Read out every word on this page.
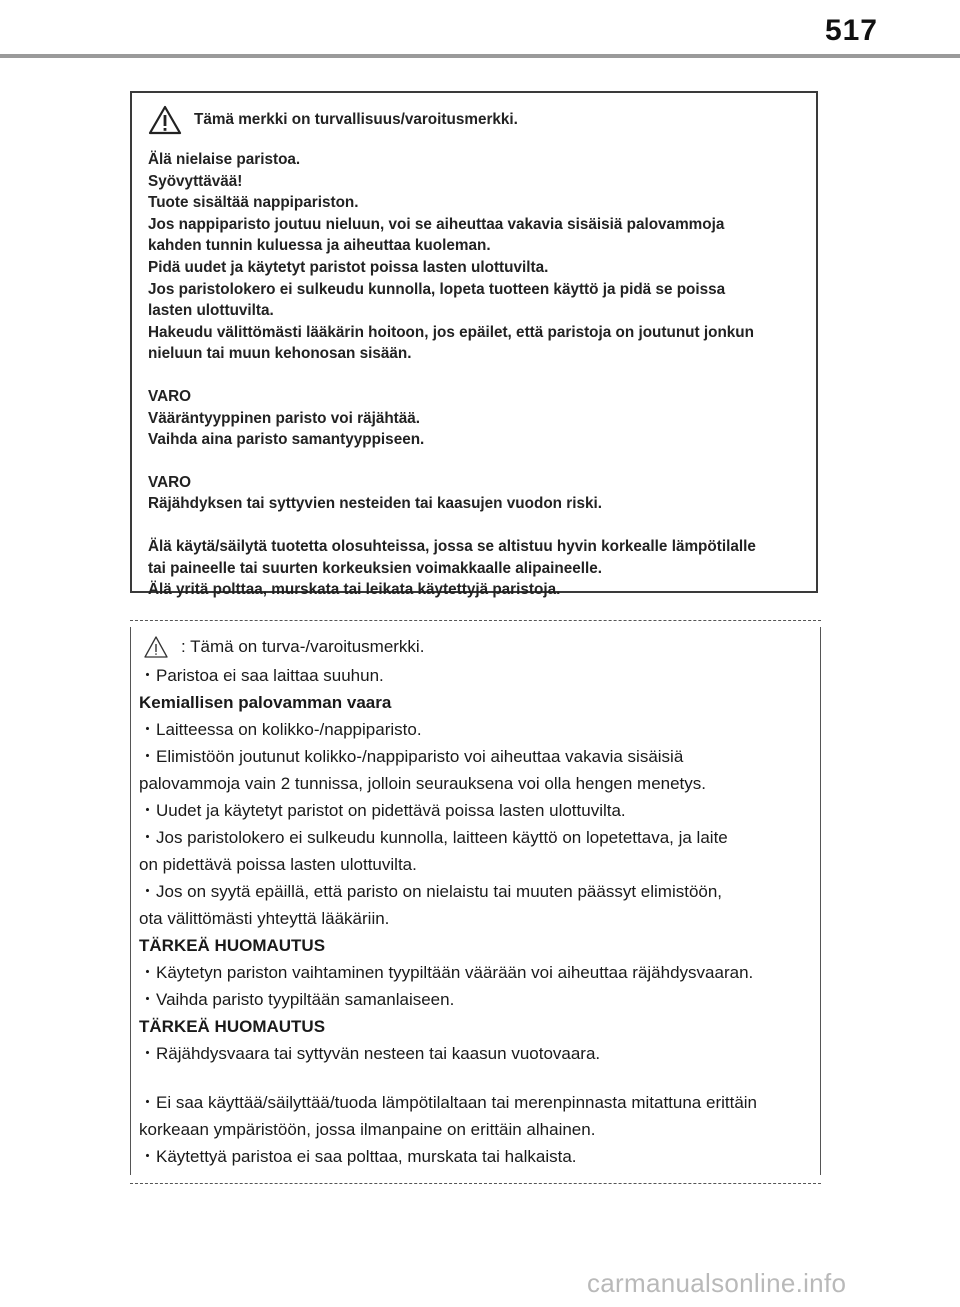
517
Tämä merkki on turvallisuus/varoitusmerkki.

Älä nielaise paristoa.

Syövyttävää!

Tuote sisältää nappipariston.

Jos nappiparisto joutuu nieluun, voi se aiheuttaa vakavia sisäisiä palovammoja

kahden tunnin kuluessa ja aiheuttaa kuoleman.

Pidä uudet ja käytetyt paristot poissa lasten ulottuvilta.

Jos paristolokero ei sulkeudu kunnolla, lopeta tuotteen käyttö ja pidä se poissa

lasten ulottuvilta.

Hakeudu välittömästi lääkärin hoitoon, jos epäilet, että paristoja on joutunut jonkun

nieluun tai muun kehonosan sisään.

VARO

Vääräntyyppinen paristo voi räjähtää.

Vaihda aina paristo samantyyppiseen.

VARO

Räjähdyksen tai syttyvien nesteiden tai kaasujen vuodon riski.

Älä käytä/säilytä tuotetta olosuhteissa, jossa se altistuu hyvin korkealle lämpötilalle

tai paineelle tai suurten korkeuksien voimakkaalle alipaineelle.

Älä yritä polttaa, murskata tai leikata käytettyjä paristoja.

: Tämä on turva-/varoitusmerkki.

・Paristoa ei saa laittaa suuhun.

Kemiallisen palovamman vaara

・Laitteessa on kolikko-/nappiparisto.

・Elimistöön joutunut kolikko-/nappiparisto voi aiheuttaa vakavia sisäisiä

palovammoja vain 2 tunnissa, jolloin seurauksena voi olla hengen menetys.

・Uudet ja käytetyt paristot on pidettävä poissa lasten ulottuvilta.

・Jos paristolokero ei sulkeudu kunnolla, laitteen käyttö on lopetettava, ja laite

on pidettävä poissa lasten ulottuvilta.

・Jos on syytä epäillä, että paristo on nielaistu tai muuten päässyt elimistöön,

ota välittömästi yhteyttä lääkäriin.

TÄRKEÄ HUOMAUTUS

・Käytetyn pariston vaihtaminen tyypiltään väärään voi aiheuttaa räjähdysvaaran.

・Vaihda paristo tyypiltään samanlaiseen.

TÄRKEÄ HUOMAUTUS

・Räjähdysvaara tai syttyvän nesteen tai kaasun vuotovaara.

・Ei saa käyttää/säilyttää/tuoda lämpötilaltaan tai merenpinnasta mitattuna erittäin

korkeaan ympäristöön, jossa ilmanpaine on erittäin alhainen.

・Käytettyä paristoa ei saa polttaa, murskata tai halkaista.

carmanualsonline.info
